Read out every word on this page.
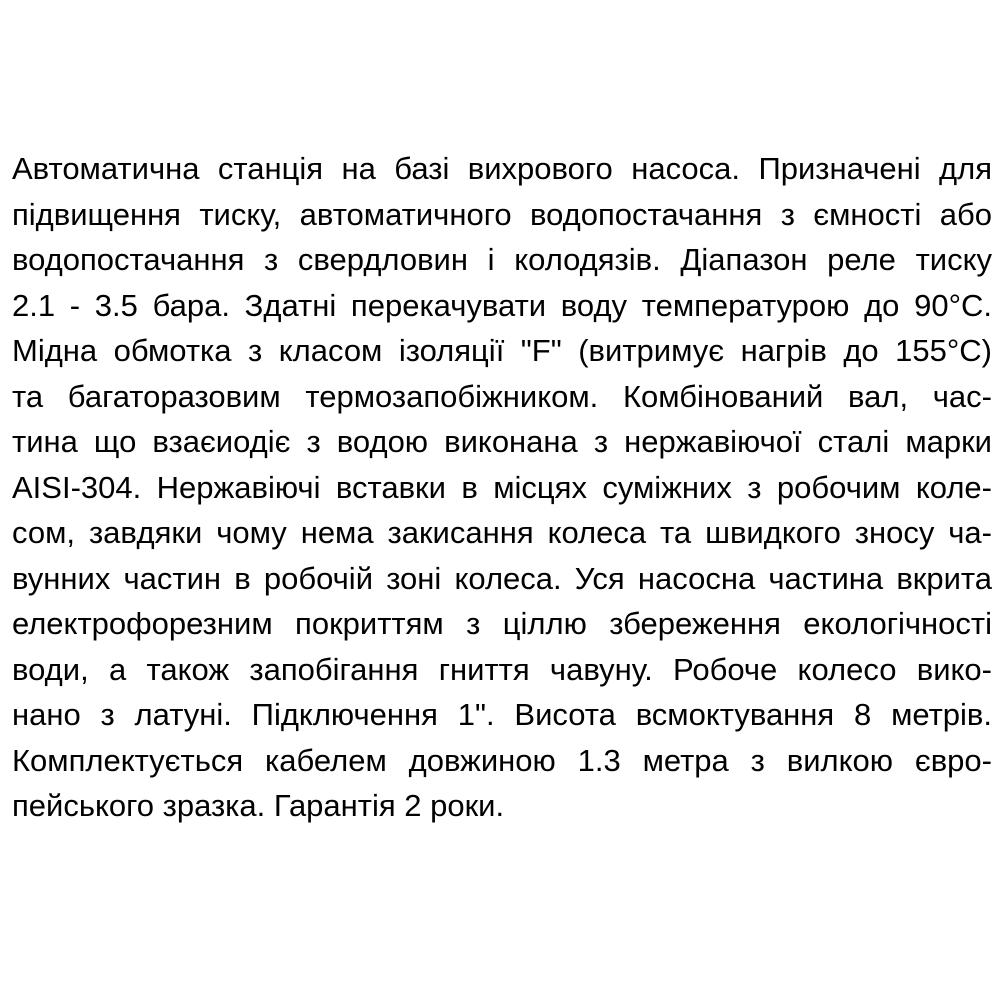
Автоматична станція на базі вихрового насоса. Призначені для
підвищення тиску, автоматичного водопостачання з ємності або
водопостачання з свердловин і колодязів. Діапазон реле тиску
2.1 - 3.5 бара. Здатні перекачувати воду температурою до 90°С.
Мідна обмотка з класом ізоляції "F" (витримує нагрів до 155°С)
та багаторазовим термозапобіжником. Комбінований вал, час-
тина що взаєиодіє з водою виконана з нержавіючої сталі марки
AISI-304. Нержавіючі вставки в місцях суміжних з робочим коле-
сом, завдяки чому нема закисання колеса та швидкого зносу ча-
вунних частин в робочій зоні колеса. Уся насосна частина вкрита
електрофорезним покриттям з ціллю збереження екологічності
води, а також запобігання гниття чавуну. Робоче колесо вико-
нано з латуні. Підключення 1". Висота всмоктування 8 метрів.
Комплектується кабелем довжиною 1.3 метра з вилкою євро-
пейського зразка. Гарантія 2 роки.
